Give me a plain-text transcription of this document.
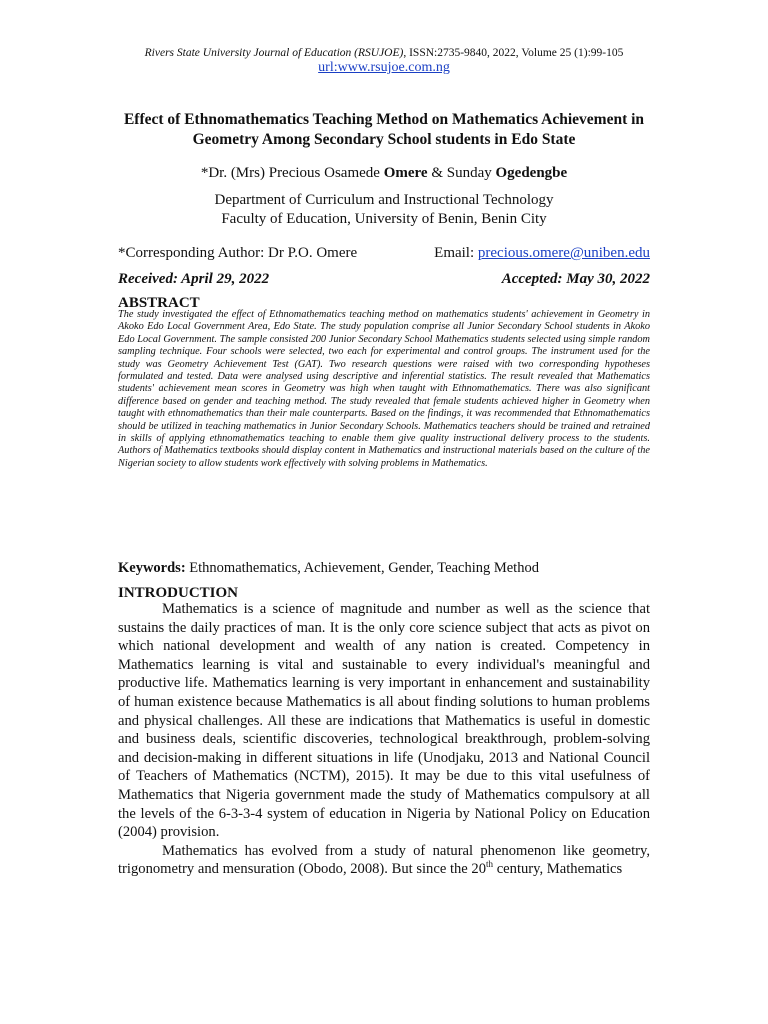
Rivers State University Journal of Education (RSUJOE), ISSN:2735-9840, 2022, Volume 25 (1):99-105
url:www.rsujoe.com.ng
Effect of Ethnomathematics Teaching Method on Mathematics Achievement in Geometry Among Secondary School students in Edo State
*Dr. (Mrs) Precious Osamede Omere & Sunday Ogedengbe
Department of Curriculum and Instructional Technology
Faculty of Education, University of Benin, Benin City
*Corresponding Author: Dr P.O. Omere	Email: precious.omere@uniben.edu
Received: April 29, 2022	Accepted: May 30, 2022
ABSTRACT
The study investigated the effect of Ethnomathematics teaching method on mathematics students' achievement in Geometry in Akoko Edo Local Government Area, Edo State. The study population comprise all Junior Secondary School students in Akoko Edo Local Government. The sample consisted 200 Junior Secondary School Mathematics students selected using simple random sampling technique. Four schools were selected, two each for experimental and control groups. The instrument used for the study was Geometry Achievement Test (GAT). Two research questions were raised with two corresponding hypotheses formulated and tested. Data were analysed using descriptive and inferential statistics. The result revealed that Mathematics students' achievement mean scores in Geometry was high when taught with Ethnomathematics. There was also significant difference based on gender and teaching method. The study revealed that female students achieved higher in Geometry when taught with ethnomathematics than their male counterparts. Based on the findings, it was recommended that Ethnomathematics should be utilized in teaching mathematics in Junior Secondary Schools. Mathematics teachers should be trained and retrained in skills of applying ethnomathematics teaching to enable them give quality instructional delivery process to the students. Authors of Mathematics textbooks should display content in Mathematics and instructional materials based on the culture of the Nigerian society to allow students work effectively with solving problems in Mathematics.
Keywords: Ethnomathematics, Achievement, Gender, Teaching Method
INTRODUCTION

Mathematics is a science of magnitude and number as well as the science that sustains the daily practices of man. It is the only core science subject that acts as pivot on which national development and wealth of any nation is created. Competency in Mathematics learning is vital and sustainable to every individual's meaningful and productive life. Mathematics learning is very important in enhancement and sustainability of human existence because Mathematics is all about finding solutions to human problems and physical challenges. All these are indications that Mathematics is useful in domestic and business deals, scientific discoveries, technological breakthrough, problem-solving and decision-making in different situations in life (Unodjaku, 2013 and National Council of Teachers of Mathematics (NCTM), 2015). It may be due to this vital usefulness of Mathematics that Nigeria government made the study of Mathematics compulsory at all the levels of the 6-3-3-4 system of education in Nigeria by National Policy on Education (2004) provision.

Mathematics has evolved from a study of natural phenomenon like geometry, trigonometry and mensuration (Obodo, 2008). But since the 20th century, Mathematics
